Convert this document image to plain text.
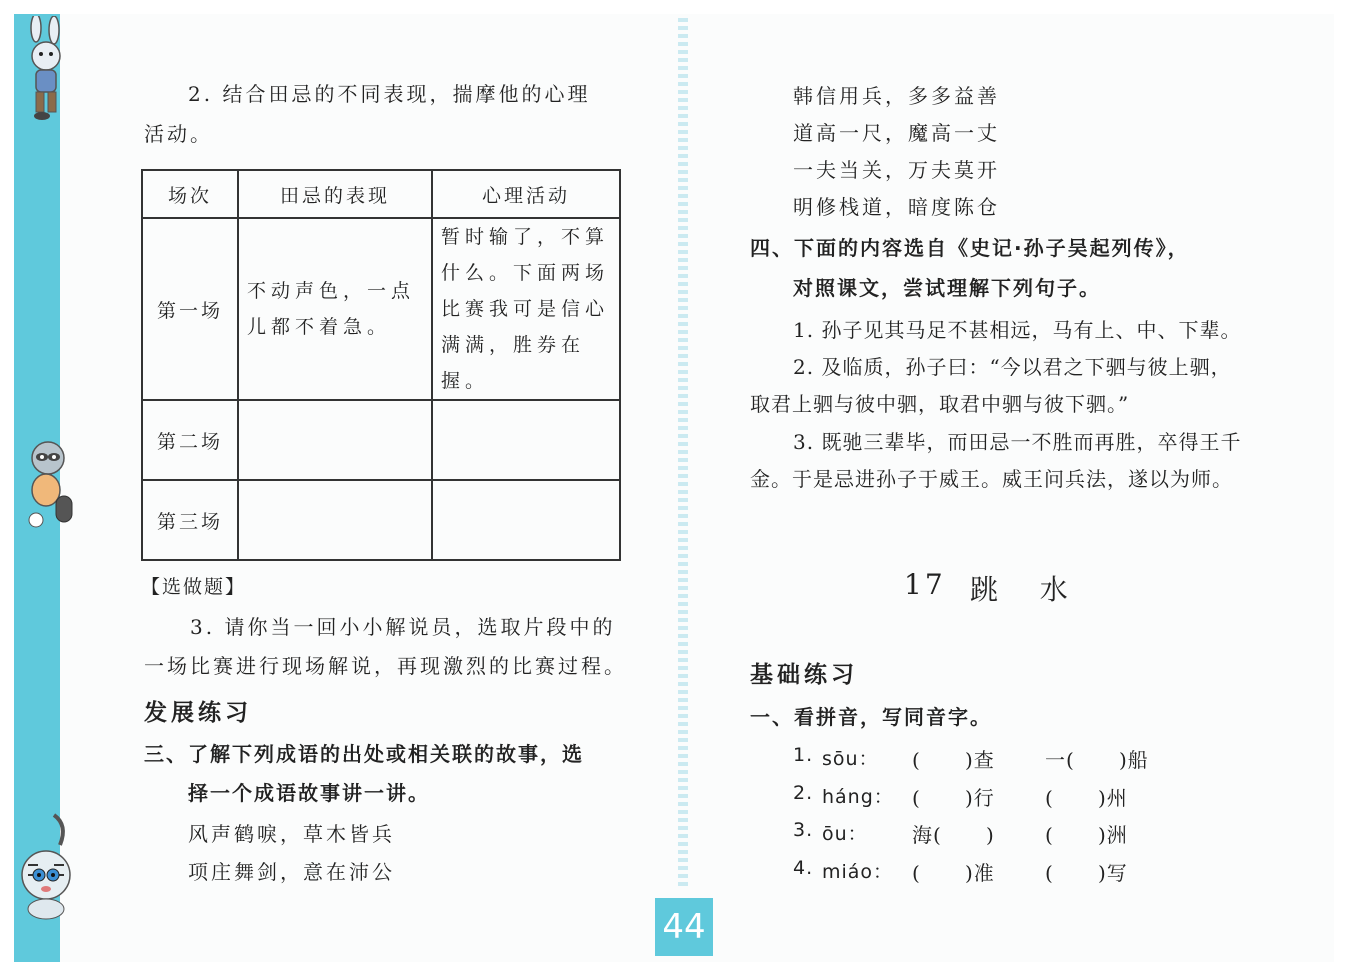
2. 结合田忌的不同表现，揣摩他的心理
活动。
场次	田忌的表现	心理活动
第一场	不动声色，一点儿都不着急。	暂时输了，不算什么。下面两场比赛我可是信心满满，胜券在握。
第二场		
第三场		
【选做题】
3. 请你当一回小小解说员，选取片段中的
一场比赛进行现场解说，再现激烈的比赛过程。
发展练习
三、了解下列成语的出处或相关联的故事，选
择一个成语故事讲一讲。
风声鹤唳，草木皆兵
项庄舞剑，意在沛公
韩信用兵，多多益善
道高一尺，魔高一丈
一夫当关，万夫莫开
明修栈道，暗度陈仓
四、下面的内容选自《史记·孙子吴起列传》，
对照课文，尝试理解下列句子。
1. 孙子见其马足不甚相远，马有上、中、下辈。
2. 及临质，孙子曰：“今以君之下驷与彼上驷，
取君上驷与彼中驷，取君中驷与彼下驷。”
3. 既驰三辈毕，而田忌一不胜而再胜，卒得王千
金。于是忌进孙子于威王。威王问兵法，遂以为师。
17 跳  水
基础练习
一、看拼音，写同音字。
1. sōu： (      )查	一(      )船
2. háng： (      )行	(      )州
3. ōu： 海(      )	(      )洲
4. miáo： (      )准	(      )写
44
